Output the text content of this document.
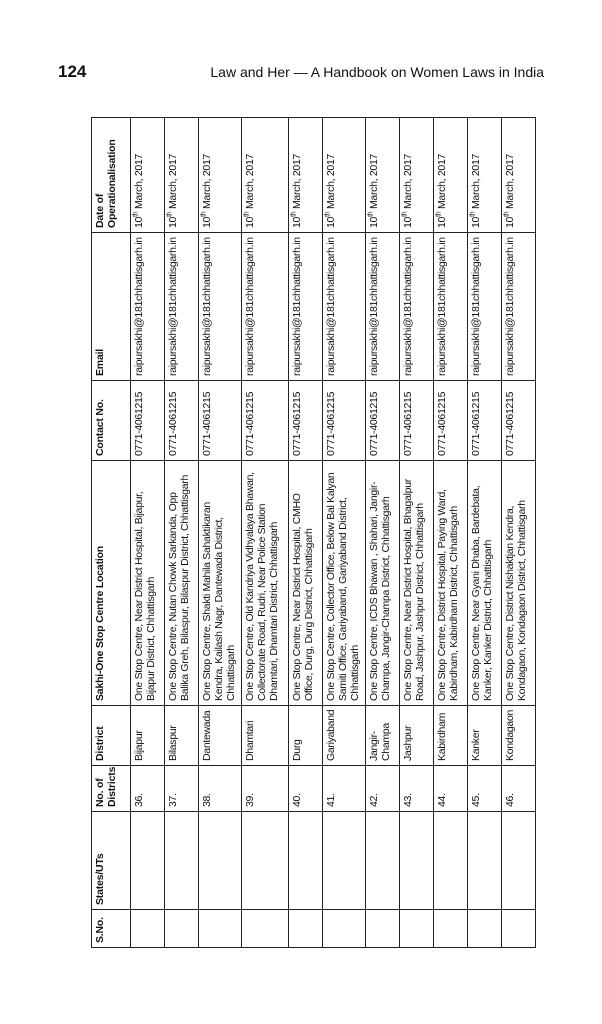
124	Law and Her — A Handbook on Women Laws in India
S.No.	States/UTs	No. of Districts	District	Sakhi-One Stop Centre Location	Contact No.	Email	Date of Operationalisation
		36.	Bijapur	One Stop Centre, Near District Hospital, Bijapur, Bijapur District, Chhattisgarh	0771-4061215	raipursakhi@181chhattisgarh.in	10th March, 2017
		37.	Bilaspur	One Stop Centre, Nutan Chowk Sarkanda, Opp Balika Greh, Bilaspur, Bilaspur District, Chhattisgarh	0771-4061215	raipursakhi@181chhattisgarh.in	10th March, 2017
		38.	Dantewada	One Stop Centre, Shakti Mahila Sahaktikaran Kendra, Kailash Nagr, Dantewada District, Chhattisgarh	0771-4061215	raipursakhi@181chhattisgarh.in	10th March, 2017
		39.	Dhamtari	One Stop Centre, Old Kandriya Vidhyalaya Bhawan, Collectorate Road, Rudri, Near Police Station Dhamtari, Dhamtari District, Chhattisgarh	0771-4061215	raipursakhi@181chhattisgarh.in	10th March, 2017
		40.	Durg	One Stop Centre, Near District Hospital, CMHO Office, Durg, Durg District, Chhattisgarh	0771-4061215	raipursakhi@181chhattisgarh.in	10th March, 2017
		41.	Gariyaband	One Stop Centre, Collector Office, Below Bal Kalyan Samiti Office, Gariyaband, Gariyaband District, Chhattisgarh	0771-4061215	raipursakhi@181chhattisgarh.in	10th March, 2017
		42.	Jangir-Champa	One Stop Centre, ICDS Bhawan , Shahari, Jangir-Champa, Jangir-Champa District, Chhattisgarh	0771-4061215	raipursakhi@181chhattisgarh.in	10th March, 2017
		43.	Jashpur	One Stop Centre, Near District Hospital, Bhagalpur Road, Jashpur, Jashpur District, Chhattisgarh	0771-4061215	raipursakhi@181chhattisgarh.in	10th March, 2017
		44.	Kabirdham	One Stop Centre, District Hospital, Paying Ward, Kabirdham, Kabirdham District, Chhattisgarh	0771-4061215	raipursakhi@181chhattisgarh.in	10th March, 2017
		45.	Kanker	One Stop Centre, Near Gyani Dhaba, Bardebata, Kanker, Kanker District, Chhattisgarh	0771-4061215	raipursakhi@181chhattisgarh.in	10th March, 2017
		46.	Kondagaon	One Stop Centre, District Nishaktjan Kendra, Kondagaon, Kondagaon District, Chhattisgarh	0771-4061215	raipursakhi@181chhattisgarh.in	10th March, 2017
